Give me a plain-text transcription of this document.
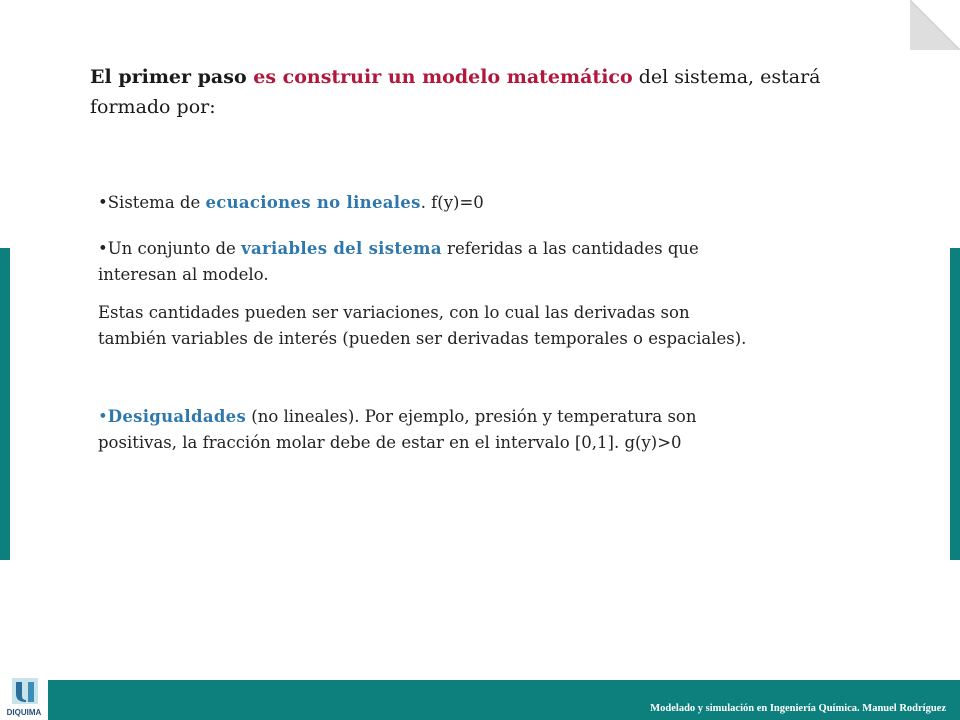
El primer paso es construir un modelo matemático del sistema, estará formado por:
•Sistema de ecuaciones no lineales. f(y)=0
•Un conjunto de variables del sistema referidas a las cantidades que interesan al modelo.
Estas cantidades pueden ser variaciones, con lo cual las derivadas son también variables de interés (pueden ser derivadas temporales o espaciales).
•Desigualdades (no lineales). Por ejemplo, presión y temperatura son positivas, la fracción molar debe de estar en el intervalo [0,1]. g(y)>0
Modelado y simulación en Ingeniería Química. Manuel Rodríguez
DIQUIMA
